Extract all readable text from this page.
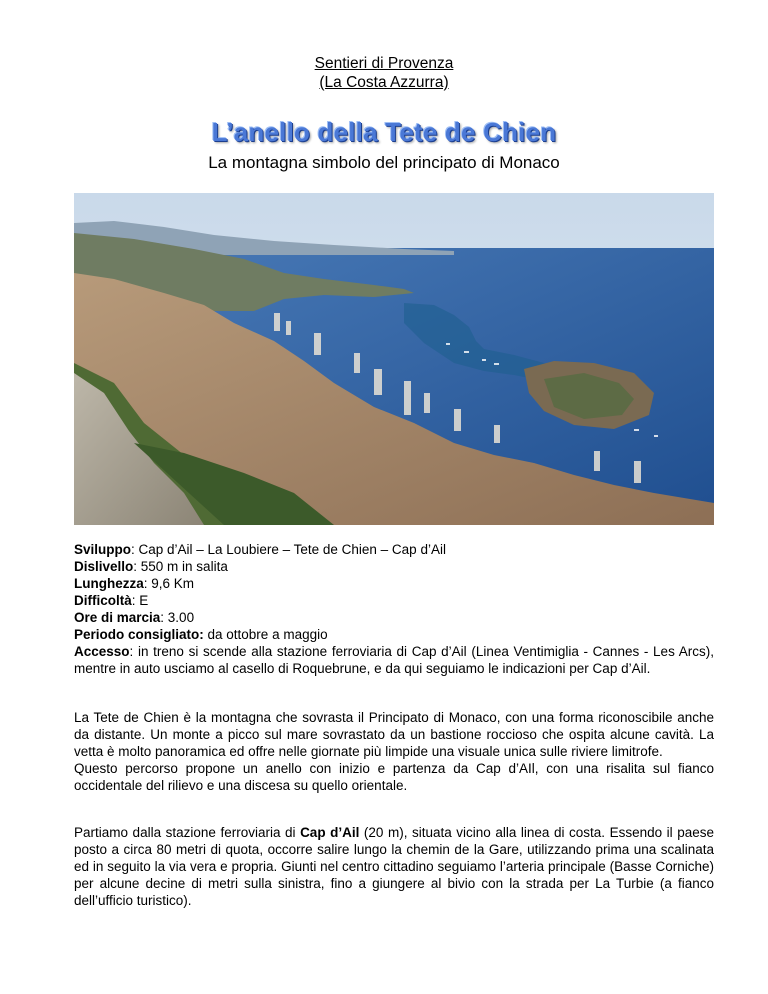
Sentieri di Provenza
(La Costa Azzurra)
L’anello della Tete de Chien
La montagna simbolo del principato di Monaco

Sviluppo: Cap d’Ail – La Loubiere – Tete de Chien – Cap d’Ail

Dislivello: 550 m in salita

Lunghezza: 9,6 Km

Difficoltà: E

Ore di marcia: 3.00

Periodo consigliato: da ottobre a maggio

Accesso: in treno si scende alla stazione ferroviaria di Cap d’Ail (Linea Ventimiglia - Cannes - Les Arcs), mentre in auto usciamo al casello di Roquebrune, e da qui seguiamo le indicazioni per Cap d’Ail.

La Tete de Chien è la montagna che sovrasta il Principato di Monaco, con una forma riconoscibile anche da distante. Un monte a picco sul mare sovrastato da un bastione roccioso che ospita alcune cavità. La vetta è molto panoramica ed offre nelle giornate più limpide una visuale unica sulle riviere limitrofe.

Questo percorso propone un anello con inizio e partenza da Cap d’AIl, con una risalita sul fianco occidentale del rilievo e una discesa su quello orientale.

Partiamo dalla stazione ferroviaria di Cap d’Ail (20 m), situata vicino alla linea di costa. Essendo il paese posto a circa 80 metri di quota, occorre salire lungo la chemin de la Gare, utilizzando prima una scalinata ed in seguito la via vera e propria. Giunti nel centro cittadino seguiamo l’arteria principale (Basse Corniche) per alcune decine di metri sulla sinistra, fino a giungere al bivio con la strada per La Turbie (a fianco dell’ufficio turistico).
